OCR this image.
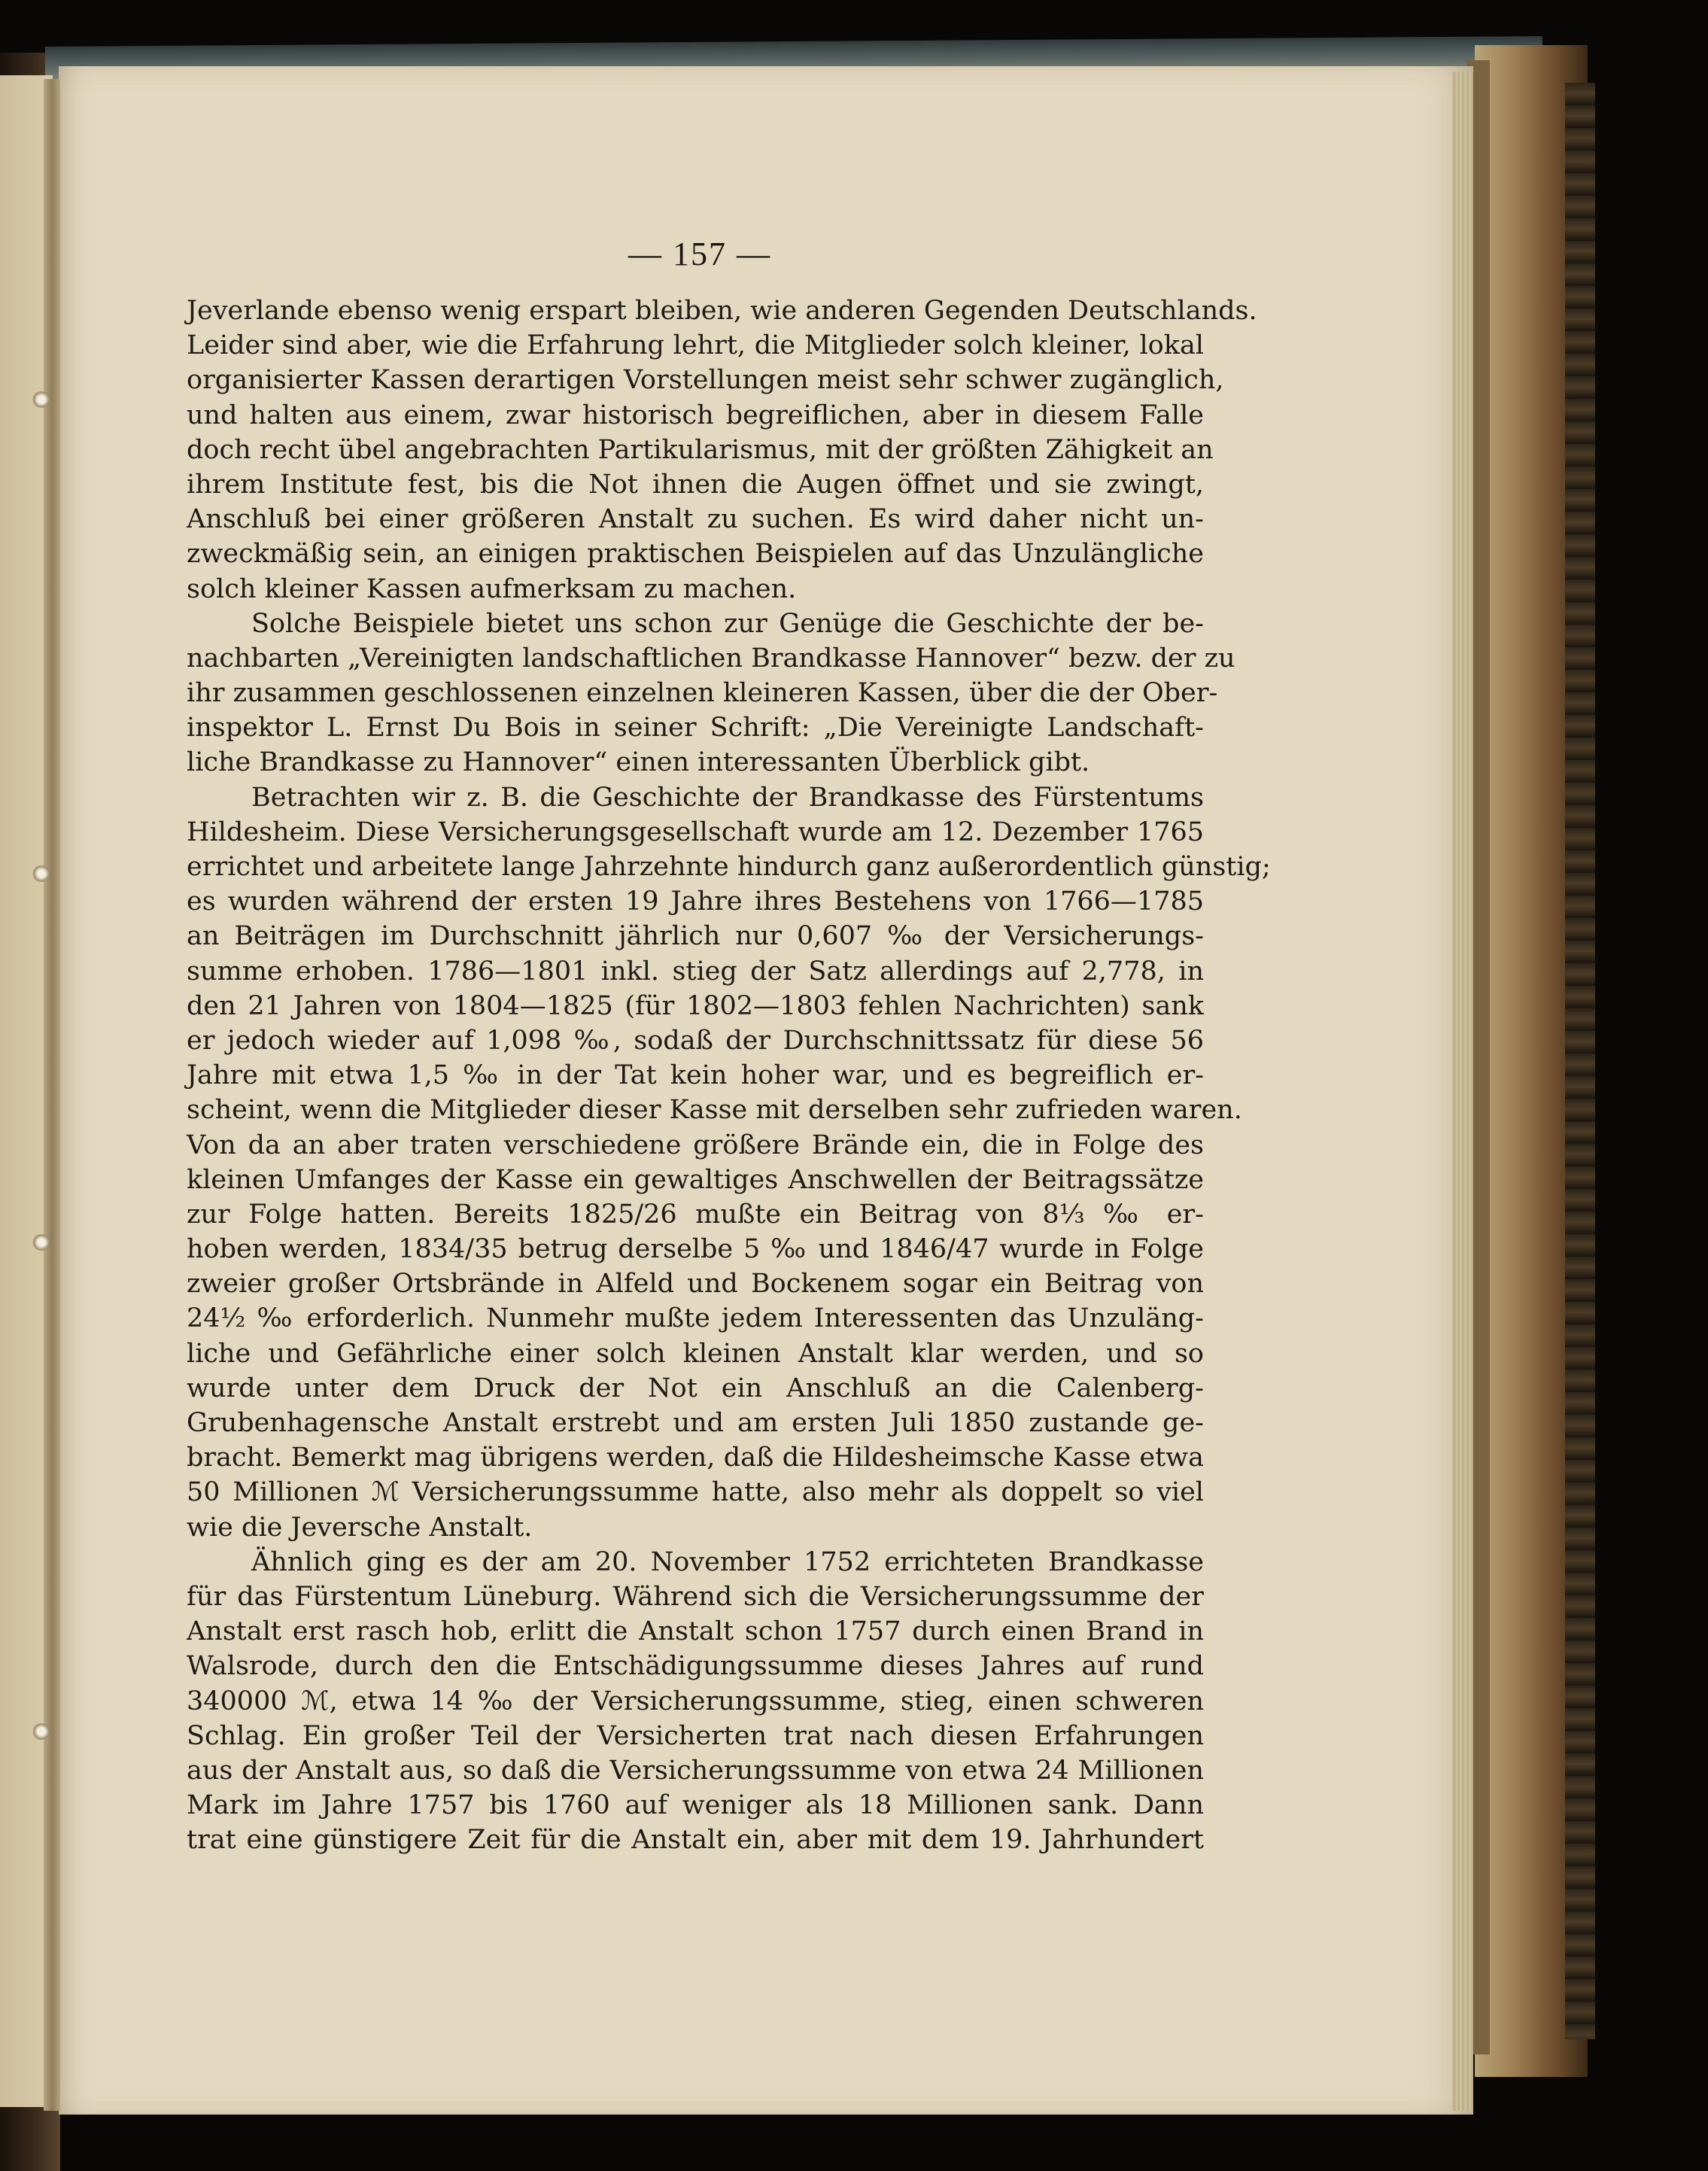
— 157 —
Jeverlande ebenso wenig erspart bleiben, wie anderen Gegenden Deutschlands.
Leider sind aber, wie die Erfahrung lehrt, die Mitglieder solch kleiner, lokal
organisierter Kassen derartigen Vorstellungen meist sehr schwer zugänglich,
und halten aus einem, zwar historisch begreiflichen, aber in diesem Falle
doch recht übel angebrachten Partikularismus, mit der größten Zähigkeit an
ihrem Institute fest, bis die Not ihnen die Augen öffnet und sie zwingt,
Anschluß bei einer größeren Anstalt zu suchen. Es wird daher nicht un-
zweckmäßig sein, an einigen praktischen Beispielen auf das Unzulängliche
solch kleiner Kassen aufmerksam zu machen.
Solche Beispiele bietet uns schon zur Genüge die Geschichte der be-
nachbarten „Vereinigten landschaftlichen Brandkasse Hannover“ bezw. der zu
ihr zusammen geschlossenen einzelnen kleineren Kassen, über die der Ober-
inspektor L. Ernst Du Bois in seiner Schrift: „Die Vereinigte Landschaft-
liche Brandkasse zu Hannover“ einen interessanten Überblick gibt.
Betrachten wir z. B. die Geschichte der Brandkasse des Fürstentums
Hildesheim. Diese Versicherungsgesellschaft wurde am 12. Dezember 1765
errichtet und arbeitete lange Jahrzehnte hindurch ganz außerordentlich günstig;
es wurden während der ersten 19 Jahre ihres Bestehens von 1766—1785
an Beiträgen im Durchschnitt jährlich nur 0,607 ‰ der Versicherungs-
summe erhoben. 1786—1801 inkl. stieg der Satz allerdings auf 2,778, in
den 21 Jahren von 1804—1825 (für 1802—1803 fehlen Nachrichten) sank
er jedoch wieder auf 1,098 ‰, sodaß der Durchschnittssatz für diese 56
Jahre mit etwa 1,5 ‰ in der Tat kein hoher war, und es begreiflich er-
scheint, wenn die Mitglieder dieser Kasse mit derselben sehr zufrieden waren.
Von da an aber traten verschiedene größere Brände ein, die in Folge des
kleinen Umfanges der Kasse ein gewaltiges Anschwellen der Beitragssätze
zur Folge hatten. Bereits 1825/26 mußte ein Beitrag von 8⅓ ‰ er-
hoben werden, 1834/35 betrug derselbe 5 ‰ und 1846/47 wurde in Folge
zweier großer Ortsbrände in Alfeld und Bockenem sogar ein Beitrag von
24½ ‰ erforderlich. Nunmehr mußte jedem Interessenten das Unzuläng-
liche und Gefährliche einer solch kleinen Anstalt klar werden, und so
wurde unter dem Druck der Not ein Anschluß an die Calenberg-
Grubenhagensche Anstalt erstrebt und am ersten Juli 1850 zustande ge-
bracht. Bemerkt mag übrigens werden, daß die Hildesheimsche Kasse etwa
50 Millionen ℳ Versicherungssumme hatte, also mehr als doppelt so viel
wie die Jeversche Anstalt.
Ähnlich ging es der am 20. November 1752 errichteten Brandkasse
für das Fürstentum Lüneburg. Während sich die Versicherungssumme der
Anstalt erst rasch hob, erlitt die Anstalt schon 1757 durch einen Brand in
Walsrode, durch den die Entschädigungssumme dieses Jahres auf rund
340000 ℳ, etwa 14 ‰ der Versicherungssumme, stieg, einen schweren
Schlag. Ein großer Teil der Versicherten trat nach diesen Erfahrungen
aus der Anstalt aus, so daß die Versicherungssumme von etwa 24 Millionen
Mark im Jahre 1757 bis 1760 auf weniger als 18 Millionen sank. Dann
trat eine günstigere Zeit für die Anstalt ein, aber mit dem 19. Jahrhundert
